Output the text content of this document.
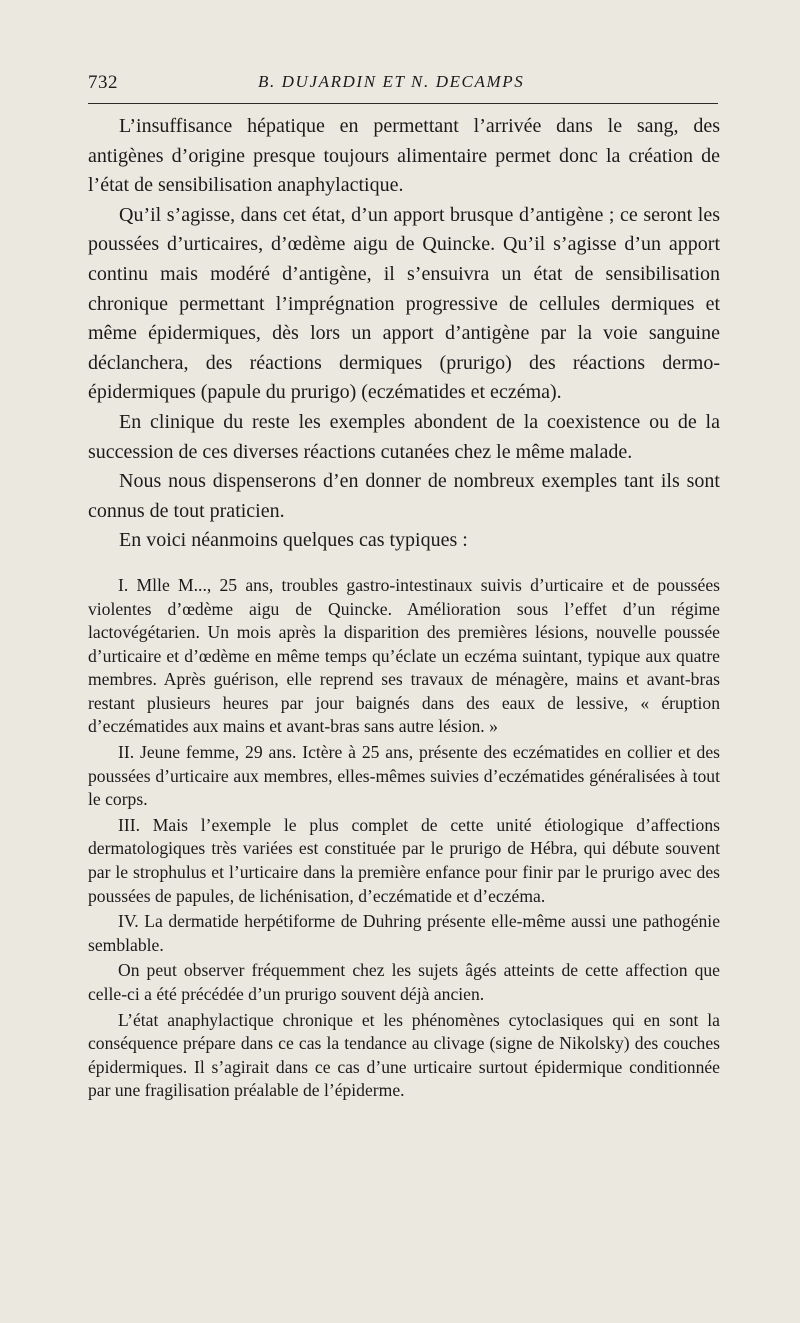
732	B. DUJARDIN ET N. DECAMPS

L’insuffisance hépatique en permettant l’arrivée dans le sang, des antigènes d’origine presque toujours alimentaire permet donc la création de l’état de sensibilisation anaphylactique.

Qu’il s’agisse, dans cet état, d’un apport brusque d’antigène ; ce seront les poussées d’urticaires, d’œdème aigu de Quincke. Qu’il s’agisse d’un apport continu mais modéré d’antigène, il s’ensuivra un état de sensibilisation chronique permettant l’imprégnation progressive de cellules dermiques et même épidermiques, dès lors un apport d’antigène par la voie sanguine déclanchera, des réactions dermiques (prurigo) des réactions dermo-épidermiques (papule du prurigo) (eczématides et eczéma).

En clinique du reste les exemples abondent de la coexistence ou de la succession de ces diverses réactions cutanées chez le même malade.

Nous nous dispenserons d’en donner de nombreux exemples tant ils sont connus de tout praticien.

En voici néanmoins quelques cas typiques :

I. Mlle M..., 25 ans, troubles gastro-intestinaux suivis d’urticaire et de poussées violentes d’œdème aigu de Quincke. Amélioration sous l’effet d’un régime lactovégétarien. Un mois après la disparition des premières lésions, nouvelle poussée d’urticaire et d’œdème en même temps qu’éclate un eczéma suintant, typique aux quatre membres. Après guérison, elle reprend ses travaux de ménagère, mains et avant-bras restant plusieurs heures par jour baignés dans des eaux de lessive, « éruption d’eczématides aux mains et avant-bras sans autre lésion. »

II. Jeune femme, 29 ans. Ictère à 25 ans, présente des eczématides en collier et des poussées d’urticaire aux membres, elles-mêmes suivies d’eczématides généralisées à tout le corps.

III. Mais l’exemple le plus complet de cette unité étiologique d’affections dermatologiques très variées est constituée par le prurigo de Hébra, qui débute souvent par le strophulus et l’urticaire dans la première enfance pour finir par le prurigo avec des poussées de papules, de lichénisation, d’eczématide et d’eczéma.

IV. La dermatide herpétiforme de Duhring présente elle-même aussi une pathogénie semblable.

On peut observer fréquemment chez les sujets âgés atteints de cette affection que celle-ci a été précédée d’un prurigo souvent déjà ancien.

L’état anaphylactique chronique et les phénomènes cytoclasiques qui en sont la conséquence prépare dans ce cas la tendance au clivage (signe de Nikolsky) des couches épidermiques. Il s’agirait dans ce cas d’une urticaire surtout épidermique conditionnée par une fragilisation préalable de l’épiderme.
